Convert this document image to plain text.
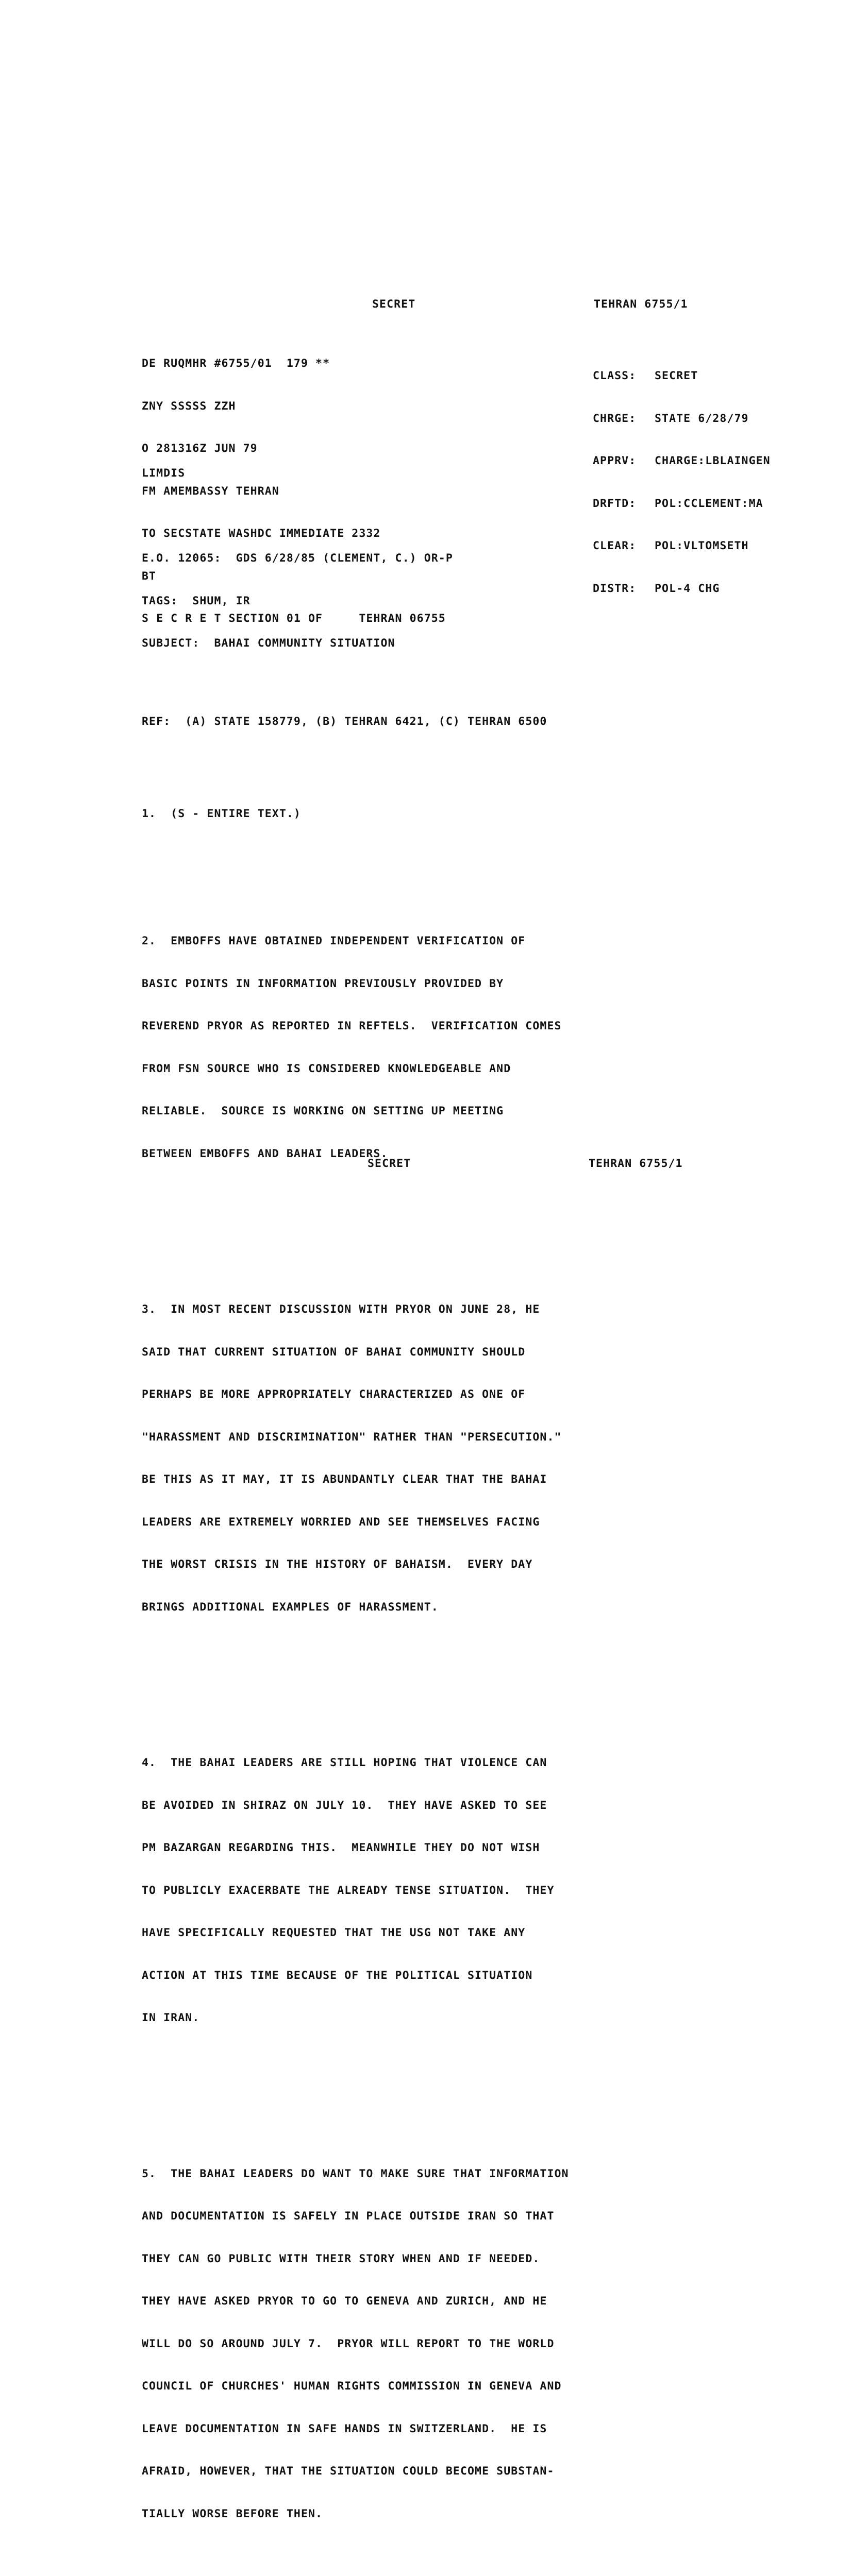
SECRET	TEHRAN 6755/1

DE RUQMHR #6755/01  179 **

ZNY SSSSS ZZH

O 281316Z JUN 79

FM AMEMBASSY TEHRAN

TO SECSTATE WASHDC IMMEDIATE 2332

BT

S E C R E T SECTION 01 OF     TEHRAN 06755

CLASS:	SECRET

CHRGE:	STATE 6/28/79

APPRV:	CHARGE:LBLAINGEN

DRFTD:	POL:CCLEMENT:MA

CLEAR:	POL:VLTOMSETH

DISTR:	POL-4 CHG

LIMDIS

E.O. 12065:  GDS 6/28/85 (CLEMENT, C.) OR-P

TAGS:  SHUM, IR

SUBJECT:  BAHAI COMMUNITY SITUATION

REF:  (A) STATE 158779, (B) TEHRAN 6421, (C) TEHRAN 6500

1.  (S - ENTIRE TEXT.)

2.  EMBOFFS HAVE OBTAINED INDEPENDENT VERIFICATION OF

BASIC POINTS IN INFORMATION PREVIOUSLY PROVIDED BY

REVEREND PRYOR AS REPORTED IN REFTELS.  VERIFICATION COMES

FROM FSN SOURCE WHO IS CONSIDERED KNOWLEDGEABLE AND

RELIABLE.  SOURCE IS WORKING ON SETTING UP MEETING

BETWEEN EMBOFFS AND BAHAI LEADERS.

3.  IN MOST RECENT DISCUSSION WITH PRYOR ON JUNE 28, HE

SAID THAT CURRENT SITUATION OF BAHAI COMMUNITY SHOULD

PERHAPS BE MORE APPROPRIATELY CHARACTERIZED AS ONE OF

"HARASSMENT AND DISCRIMINATION" RATHER THAN "PERSECUTION."

BE THIS AS IT MAY, IT IS ABUNDANTLY CLEAR THAT THE BAHAI

LEADERS ARE EXTREMELY WORRIED AND SEE THEMSELVES FACING

THE WORST CRISIS IN THE HISTORY OF BAHAISM.  EVERY DAY

BRINGS ADDITIONAL EXAMPLES OF HARASSMENT.

4.  THE BAHAI LEADERS ARE STILL HOPING THAT VIOLENCE CAN

BE AVOIDED IN SHIRAZ ON JULY 10.  THEY HAVE ASKED TO SEE

PM BAZARGAN REGARDING THIS.  MEANWHILE THEY DO NOT WISH

TO PUBLICLY EXACERBATE THE ALREADY TENSE SITUATION.  THEY

HAVE SPECIFICALLY REQUESTED THAT THE USG NOT TAKE ANY

ACTION AT THIS TIME BECAUSE OF THE POLITICAL SITUATION

IN IRAN.

5.  THE BAHAI LEADERS DO WANT TO MAKE SURE THAT INFORMATION

AND DOCUMENTATION IS SAFELY IN PLACE OUTSIDE IRAN SO THAT

THEY CAN GO PUBLIC WITH THEIR STORY WHEN AND IF NEEDED.

THEY HAVE ASKED PRYOR TO GO TO GENEVA AND ZURICH, AND HE

WILL DO SO AROUND JULY 7.  PRYOR WILL REPORT TO THE WORLD

COUNCIL OF CHURCHES' HUMAN RIGHTS COMMISSION IN GENEVA AND

LEAVE DOCUMENTATION IN SAFE HANDS IN SWITZERLAND.  HE IS

AFRAID, HOWEVER, THAT THE SITUATION COULD BECOME SUBSTAN-

TIALLY WORSE BEFORE THEN.

SECRET	TEHRAN 6755/1
